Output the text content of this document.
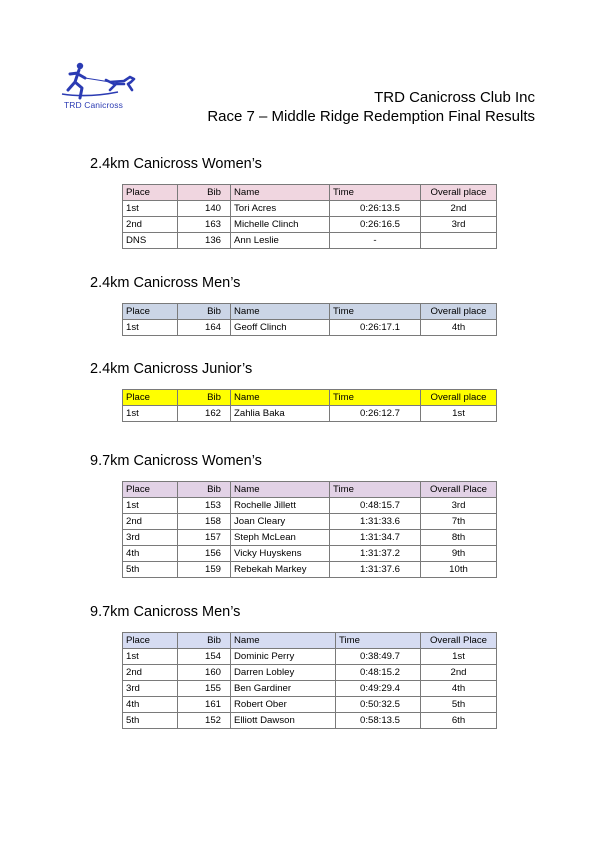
TRD Canicross	TRD Canicross Club Inc
Race 7 – Middle Ridge Redemption Final Results
2.4km Canicross Women’s
Place	Bib	Name	Time	Overall place
1st	140	Tori Acres	0:26:13.5	2nd
2nd	163	Michelle Clinch	0:26:16.5	3rd
DNS	136	Ann Leslie	-	
2.4km Canicross Men’s
Place	Bib	Name	Time	Overall place
1st	164	Geoff Clinch	0:26:17.1	4th
2.4km Canicross Junior’s
Place	Bib	Name	Time	Overall place
1st	162	Zahlia Baka	0:26:12.7	1st
9.7km Canicross Women’s
Place	Bib	Name	Time	Overall Place
1st	153	Rochelle Jillett	0:48:15.7	3rd
2nd	158	Joan Cleary	1:31:33.6	7th
3rd	157	Steph McLean	1:31:34.7	8th
4th	156	Vicky Huyskens	1:31:37.2	9th
5th	159	Rebekah Markey	1:31:37.6	10th
9.7km Canicross Men’s
Place	Bib	Name	Time	Overall Place
1st	154	Dominic Perry	0:38:49.7	1st
2nd	160	Darren Lobley	0:48:15.2	2nd
3rd	155	Ben Gardiner	0:49:29.4	4th
4th	161	Robert Ober	0:50:32.5	5th
5th	152	Elliott Dawson	0:58:13.5	6th
